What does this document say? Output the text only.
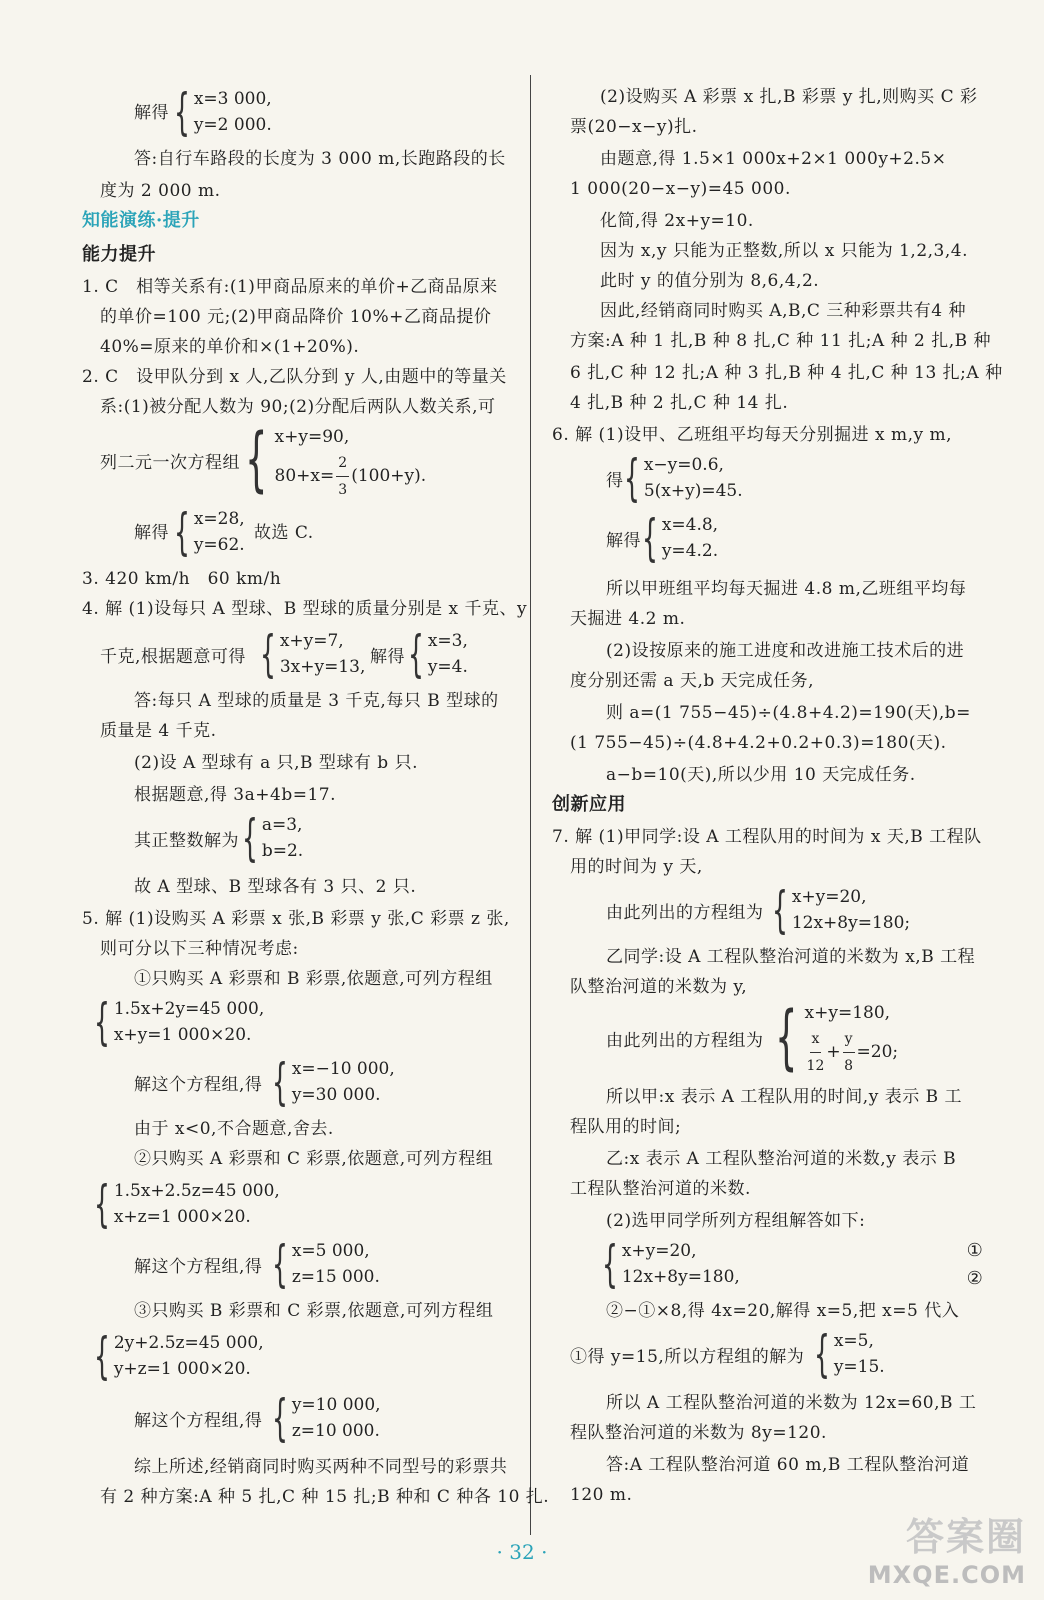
解得 { x=3 000,
y=2 000.
答:自行车路段的长度为 3 000 m,长跑路段的长
度为 2 000 m.
知能演练·提升
能力提升
1. C　相等关系有:(1)甲商品原来的单价+乙商品原来
的单价=100 元;(2)甲商品降价 10%+乙商品提价
40%=原来的单价和×(1+20%).
2. C　设甲队分到 x 人,乙队分到 y 人,由题中的等量关
系:(1)被分配人数为 90;(2)分配后两队人数关系,可
列二元一次方程组 { x+y=90,
$80+x= \frac{2}{3} (100+y)$.
解得 { x=28,
y=62.
故选 C.
3. 420 km/h　60 km/h
4. 解 (1)设每只 A 型球、B 型球的质量分别是 x 千克、y
千克,根据题意可得 { x+y=7,
3x+y=13, 解得 { x=3,
y=4.
答:每只 A 型球的质量是 3 千克,每只 B 型球的
质量是 4 千克.
(2)设 A 型球有 a 只,B 型球有 b 只.
根据题意,得 3a+4b=17.
其正整数解为 { a=3,
b=2.
故 A 型球、B 型球各有 3 只、2 只.
5. 解 (1)设购买 A 彩票 x 张,B 彩票 y 张,C 彩票 z 张,
则可分以下三种情况考虑:
①只购买 A 彩票和 B 彩票,依题意,可列方程组
{ 1.5x+2y=45 000,
x+y=1 000×20.
解这个方程组,得 { x=−10 000,
y=30 000.
由于 x<0,不合题意,舍去.
②只购买 A 彩票和 C 彩票,依题意,可列方程组
{ 1.5x+2.5z=45 000,
x+z=1 000×20.
解这个方程组,得 { x=5 000,
z=15 000.
③只购买 B 彩票和 C 彩票,依题意,可列方程组
{ 2y+2.5z=45 000,
y+z=1 000×20.
解这个方程组,得 { y=10 000,
z=10 000.
综上所述,经销商同时购买两种不同型号的彩票共
有 2 种方案:A 种 5 扎,C 种 15 扎;B 种和 C 种各 10 扎.
(2)设购买 A 彩票 x 扎,B 彩票 y 扎,则购买 C 彩
票(20−x−y)扎.
由题意,得 1.5×1 000x+2×1 000y+2.5×
1 000(20−x−y)=45 000.
化简,得 2x+y=10.
因为 x,y 只能为正整数,所以 x 只能为 1,2,3,4.
此时 y 的值分别为 8,6,4,2.
因此,经销商同时购买 A,B,C 三种彩票共有4 种
方案:A 种 1 扎,B 种 8 扎,C 种 11 扎;A 种 2 扎,B 种
6 扎,C 种 12 扎;A 种 3 扎,B 种 4 扎,C 种 13 扎;A 种
4 扎,B 种 2 扎,C 种 14 扎.
6. 解 (1)设甲、乙班组平均每天分别掘进 x m,y m,
得 { x−y=0.6,
5(x+y)=45.
解得 { x=4.8,
y=4.2.
所以甲班组平均每天掘进 4.8 m,乙班组平均每
天掘进 4.2 m.
(2)设按原来的施工进度和改进施工技术后的进
度分别还需 a 天,b 天完成任务,
则 a=(1 755−45)÷(4.8+4.2)=190(天),b=
(1 755−45)÷(4.8+4.2+0.2+0.3)=180(天).
a−b=10(天),所以少用 10 天完成任务.
创新应用
7. 解 (1)甲同学:设 A 工程队用的时间为 x 天,B 工程队
用的时间为 y 天,
由此列出的方程组为 { x+y=20,
12x+8y=180;
乙同学:设 A 工程队整治河道的米数为 x,B 工程
队整治河道的米数为 y,
由此列出的方程组为 { x+y=180,
$\frac{x}{12} + \frac{y}{8} =20$;
所以甲:x 表示 A 工程队用的时间,y 表示 B 工
程队用的时间;
乙:x 表示 A 工程队整治河道的米数,y 表示 B
工程队整治河道的米数.
(2)选甲同学所列方程组解答如下:
{ x+y=20,
12x+8y=180,
①
②
②−①×8,得 4x=20,解得 x=5,把 x=5 代入
①得 y=15,所以方程组的解为 { x=5,
y=15.
所以 A 工程队整治河道的米数为 12x=60,B 工
程队整治河道的米数为 8y=120.
答:A 工程队整治河道 60 m,B 工程队整治河道
120 m.
· 32 ·	答案圈
MXQE.COM
